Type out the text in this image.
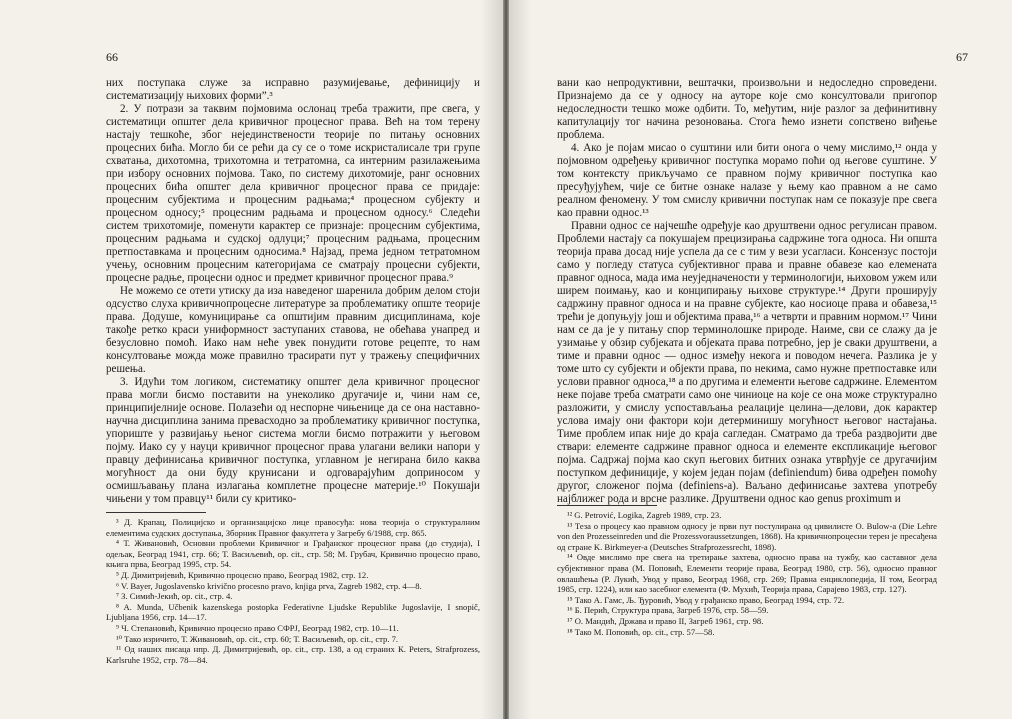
66

них поступака служе за исправно разумијевање, дефиницију и систематизацију њихових форми”.³

2. У потрази за таквим појмовима ослонац треба тражити, пре свега, у систематици општег дела кривичног процесног права. Већ на том терену настају тешкоће, због нејединствености теорије по питању основних процесних бића. Могло би се рећи да су се о томе искристалисале три групе схватања, дихотомна, трихотомна и тетратомна, са интерним разилажењима при избору основних појмова. Тако, по систему дихотомије, ранг основних процесних бића општег дела кривичног процесног права се придаје: процесним субјектима и процесним радњама;⁴ процесном субјекту и процесном односу;⁵ процесним радњама и процесном односу.⁶ Следећи систем трихотомије, поменути карактер се признаје: процесним субјектима, процесним радњама и судској одлуци;⁷ процесним радњама, процесним претпоставкама и процесним односима.⁸ Најзад, према једном тетратомном учењу, основним процесним категоријама се сматрају процесни субјекти, процесне радње, процесни однос и предмет кривичног процесног права.⁹

Не можемо се отети утиску да иза наведеног шаренила добрим делом стоји одсуство слуха кривичнопроцесне литературе за проблематику опште теорије права. Додуше, комуницирање са општијим правним дисциплинама, које такође ретко краси униформност заступаних ставова, не обећава унапред и безусловно помоћ. Иако нам неће увек понудити готове рецепте, то нам консултовање можда може правилно трасирати пут у тражењу специфичних решења.

3. Идући том логиком, систематику општег дела кривичног процесног права могли бисмо поставити на унеколико другачије и, чини нам се, принципијелније основе. Полазећи од неспорне чињенице да се она наставно-научна дисциплина занима превасходно за проблематику кривичног поступка, упориште у развијању њеног система могли бисмо потражити у његовом појму. Иако су у науци кривичног процесног права улагани велики напори у правцу дефинисања кривичног поступка, углавном је негирана било каква могућност да они буду крунисани и одговарајућим доприносом у осмишљавању плана излагања комплетне процесне материје.¹⁰ Покушаји чињени у том правцу¹¹ били су критико-

³ Д. Крапац, Полицијско и организацијско лице правосуђа: нова теорија о структуралним елементима судских доступања, Зборник Правног факултета у Загребу 6/1988, стр. 865.
⁴ Т. Живановић, Основни проблеми Кривичног и Грађанског процесног права (до студија), I одељак, Београд 1941, стр. 66; Т. Васиљевић, op. cit., стр. 58; М. Грубач, Кривично процесно право, књига прва, Београд 1995, стр. 54.
⁵ Д. Димитријевић, Кривично процесно право, Београд 1982, стр. 12.
⁶ V. Bayer, Jugoslavensko krivično procesno pravo, knjiga prva, Zagreb 1982, стр. 4—8.
⁷ З. Симић-Јекић, op. cit., стр. 4.
⁸ A. Munda, Učbenik kazenskega postopka Federativne Ljudske Republike Jugoslavije, I snopič, Ljubljana 1956, стр. 14—17.
⁹ Ч. Степановић, Кривично процесно право СФРЈ, Београд 1982, стр. 10—11.
¹⁰ Тако изричито, Т. Живановић, op. cit., стр. 60; Т. Васиљевић, op. cit., стр. 7.
¹¹ Од наших писаца нпр. Д. Димитријевић, op. cit., стр. 138, а од страних К. Peters, Strafprozess, Karlsruhe 1952, стр. 78—84.
67

вани као непродуктивни, вештачки, произвољни и недоследно спроведени. Признајемо да се у односу на ауторе које смо консултовали пригопор недоследности тешко може одбити. То, међутим, није разлог за дефинитивну капитулацију тог начина резоновања. Стога ћемо изнети сопствено виђење проблема.

4. Ако је појам мисао о суштини или бити онога о чему мислимо,¹² онда у појмовном одређењу кривичног поступка морамо поћи од његове суштине. У том контексту прикључамо се правном појму кривичног поступка као пресуђујућем, чије се битне ознаке налазе у њему као правном а не само реалном феномену. У том смислу кривични поступак нам се показује пре свега као правни однос.¹³

Правни однос се најчешће одређује као друштвени однос регулисан правом. Проблеми настају са покушајем прецизирања садржине тога односа. Ни општа теорија права досад није успела да се с тим у вези усагласи. Консензус постоји само у погледу статуса субјективног права и правне обавезе као елемената правног односа, мада има неуједначености у терминологији, њиховом ужем или ширем поимању, као и конципирању њихове структуре.¹⁴ Други проширују садржину правног односа и на правне субјекте, као носиоце права и обавеза,¹⁵ трећи је допуњују још и објектима права,¹⁶ а четврти и правним нормом.¹⁷ Чини нам се да је у питању спор терминолошке природе. Наиме, сви се слажу да је узимање у обзир субјеката и објеката права потребно, јер је сваки друштвени, а тиме и правни однос — однос између некога и поводом нечега. Разлика је у томе што су субјекти и објекти права, по некима, само нужне претпоставке или услови правног односа,¹⁸ а по другима и елементи његове садржине. Елементом неке појаве треба сматрати само оне чиниоце на које се она може структурално разложити, у смислу успостављања реалације целина—делови, док карактер услова имају они фактори који детерминишу могућност његовог настајања. Тиме проблем ипак није до краја сагледан. Сматрамо да треба раздвојити две ствари: елементе садржине правног односа и елементе експликације његовог појма. Садржај појма као скуп његових битних ознака утврђује се другачијим поступком дефиниције, у којем један појам (definiendum) бива одређен помоћу другог, сложеног појма (definiens-а). Ваљано дефинисање захтева употребу најближег рода и врсне разлике. Друштвени однос као genus proximum и

¹² G. Petrović, Logika, Zagreb 1989, стр. 23.
¹³ Теза о процесу као правном односу је први пут постулирана од цивилисте O. Bulow-a (Die Lehre von den Prozesseinreden und die Prozessvoraussetzungen, 1868). На кривичнопроцесни терен је пресађена од стране K. Birkmeyer-a (Deutsches Strafprozessrecht, 1898).
¹⁴ Овде мислимо пре свега на третирање захтева, односно права на тужбу, као саставног дела субјективног права (М. Поповић, Елементи теорије права, Београд 1980, стр. 56), односно правног овлашћења (Р. Лукић, Увод у право, Београд 1968, стр. 269; Правна енциклопедија, II том, Београд 1985, стр. 1224), или као засебног елемента (Ф. Мухић, Теорија права, Сарајево 1983, стр. 127).
¹⁵ Тако А. Гамс, Љ. Ђуровић, Увод у грађанско право, Београд 1994, стр. 72.
¹⁶ Б. Перић, Структура права, Загреб 1976, стр. 58—59.
¹⁷ О. Мандић, Држава и право II, Загреб 1961, стр. 98.
¹⁸ Тако М. Поповић, op. cit., стр. 57—58.
